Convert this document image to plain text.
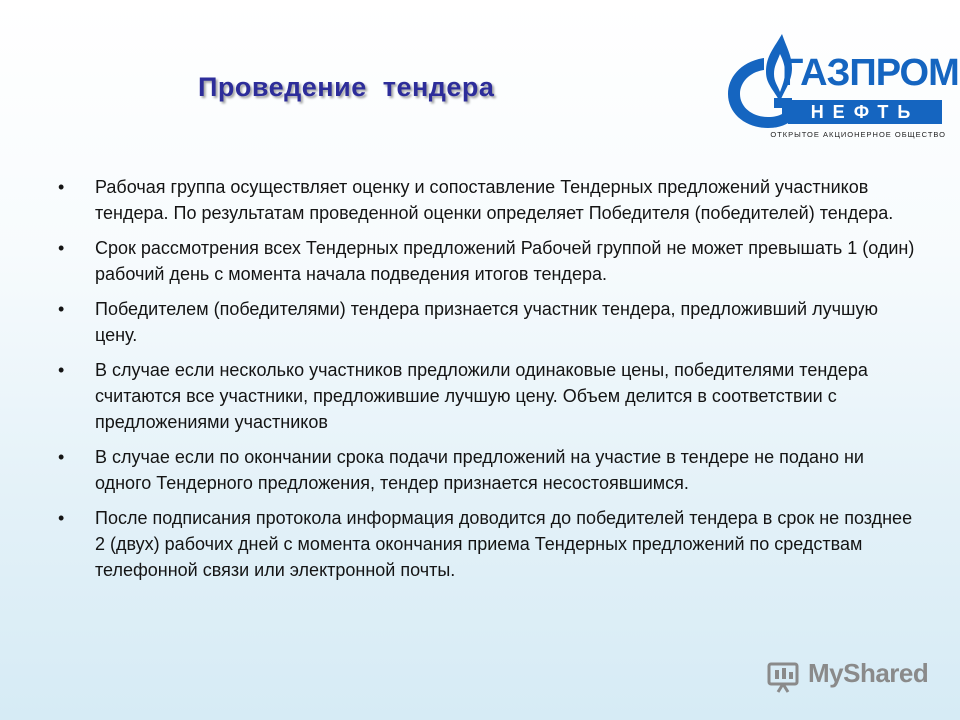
Проведение  тендера	ГАЗПРОМ
НЕФТЬ
ОТКРЫТОЕ АКЦИОНЕРНОЕ ОБЩЕСТВО
• Рабочая группа осуществляет оценку и сопоставление Тендерных предложений участников тендера. По результатам проведенной оценки определяет Победителя (победителей) тендера.
• Срок рассмотрения всех Тендерных предложений Рабочей группой не может превышать 1 (один) рабочий день с момента начала подведения итогов тендера.
• Победителем (победителями) тендера признается участник тендера, предложивший лучшую цену.
• В случае если несколько участников предложили одинаковые цены, победителями тендера считаются все участники, предложившие лучшую цену. Объем делится в соответствии с предложениями участников
• В случае если по окончании срока подачи предложений на участие в тендере не подано ни одного Тендерного предложения, тендер признается несостоявшимся.
• После подписания протокола информация доводится до победителей тендера в срок не позднее 2 (двух) рабочих дней с момента окончания приема Тендерных предложений по средствам телефонной связи или электронной почты.
MyShared
